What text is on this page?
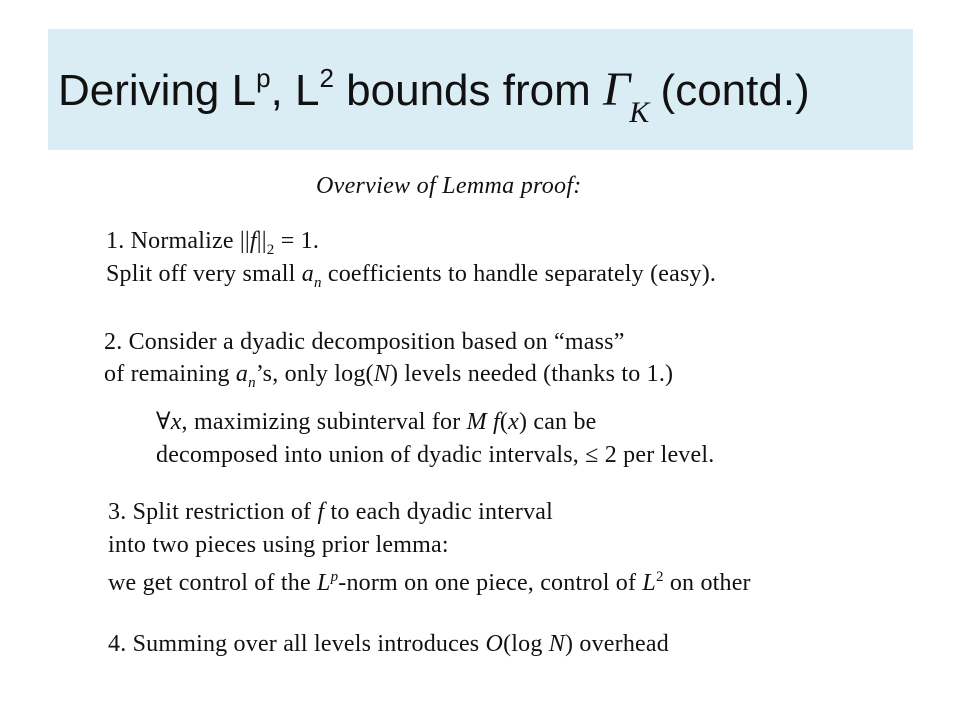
Deriving $L^p$, $L^2$ bounds from $\Gamma_K$ (contd.)
Overview of Lemma proof:
1. Normalize $||f||_2 = 1$.
Split off very small $a_n$ coefficients to handle separately (easy).
2. Consider a dyadic decomposition based on “mass”
of remaining $a_n’s$, only log(N) levels needed (thanks to 1.)
∀x, maximizing subinterval for M f(x) can be
decomposed into union of dyadic intervals, ≤ 2 per level.
3. Split restriction of f to each dyadic interval
into two pieces using prior lemma:
we get control of the $L^p$-norm on one piece, control of $L^2$ on other
4. Summing over all levels introduces O(log N) overhead
